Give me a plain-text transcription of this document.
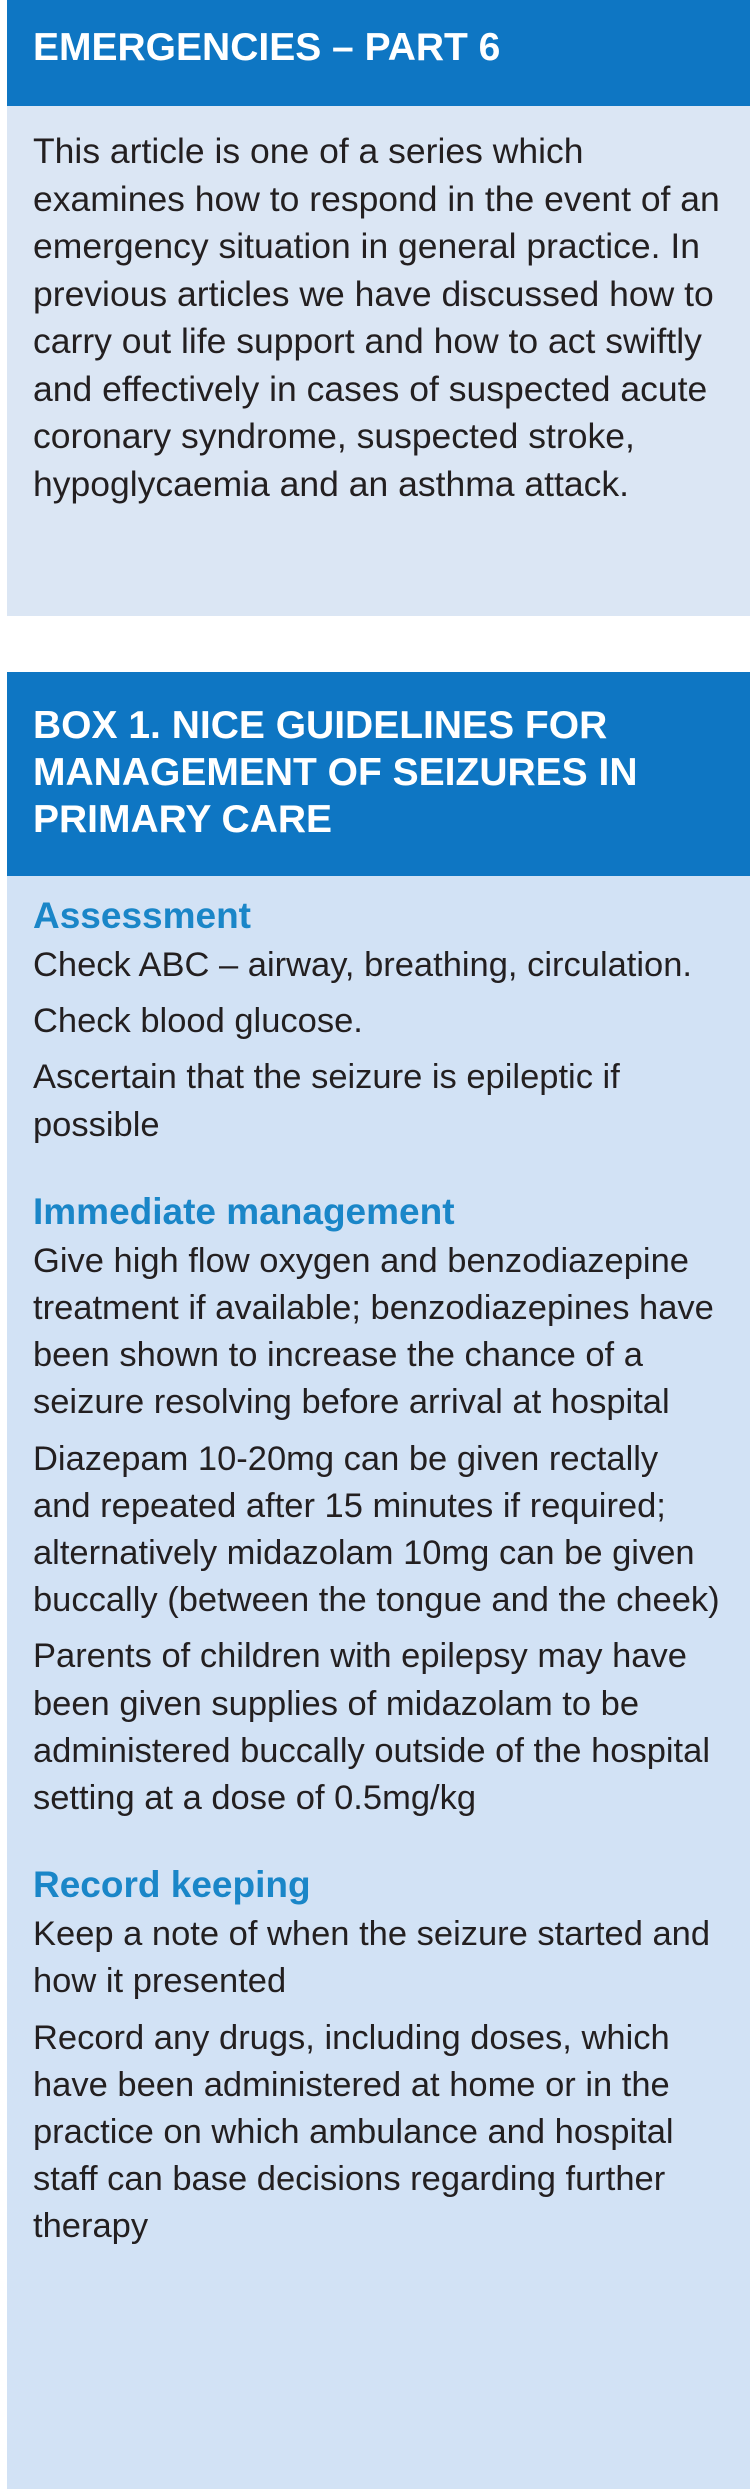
EMERGENCIES – PART 6

This article is one of a series which examines how to respond in the event of an emergency situation in general practice. In previous articles we have discussed how to carry out life support and how to act swiftly and effectively in cases of suspected acute coronary syndrome, suspected stroke, hypoglycaemia and an asthma attack.

BOX 1. NICE GUIDELINES FOR MANAGEMENT OF SEIZURES IN PRIMARY CARE
Assessment

Check ABC – airway, breathing, circulation.

Check blood glucose.

Ascertain that the seizure is epileptic if possible

Immediate management

Give high flow oxygen and benzodiazepine treatment if available; benzodiazepines have been shown to increase the chance of a seizure resolving before arrival at hospital

Diazepam 10-20mg can be given rectally and repeated after 15 minutes if required; alternatively midazolam 10mg can be given buccally (between the tongue and the cheek)

Parents of children with epilepsy may have been given supplies of midazolam to be administered buccally outside of the hospital setting at a dose of 0.5mg/kg

Record keeping

Keep a note of when the seizure started and how it presented

Record any drugs, including doses, which have been administered at home or in the practice on which ambulance and hospital staff can base decisions regarding further therapy
